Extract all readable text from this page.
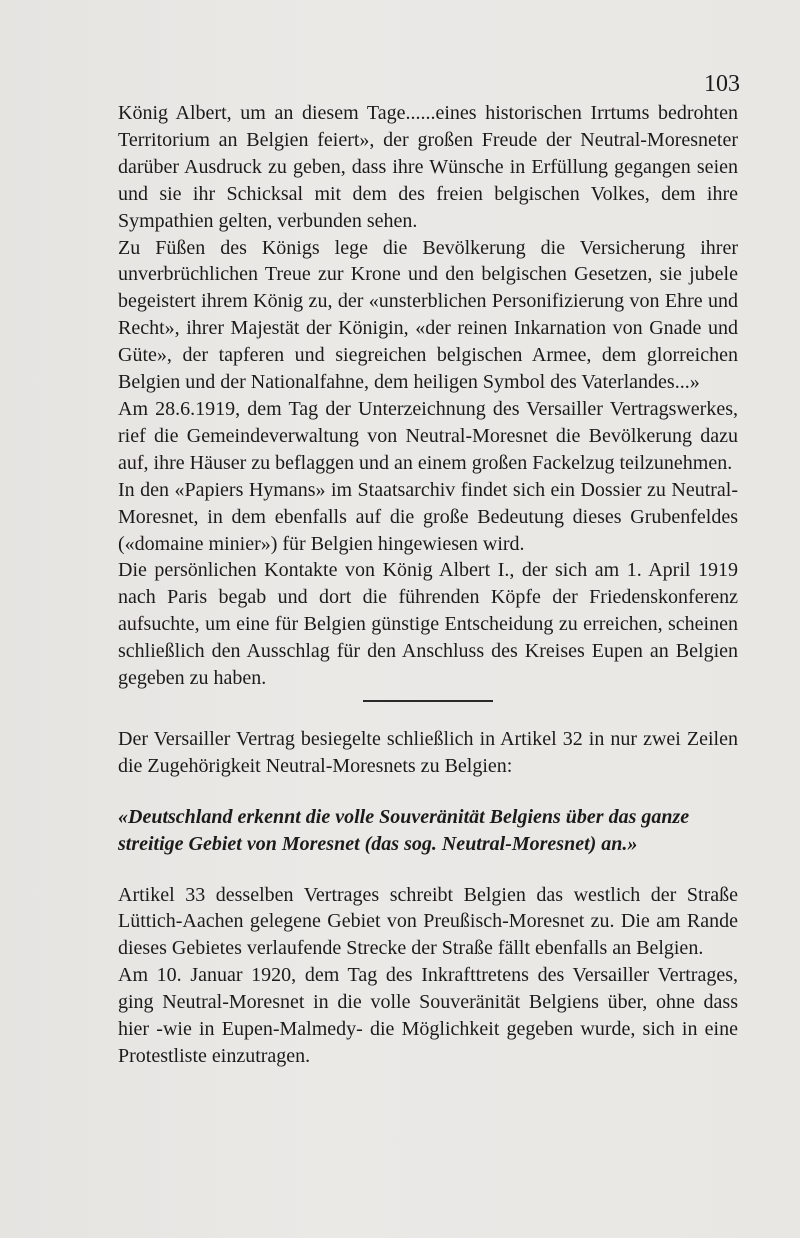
103

König Albert, um an diesem Tage......eines historischen Irrtums bedrohten Territorium an Belgien feiert», der großen Freude der Neutral-Moresneter darüber Ausdruck zu geben, dass ihre Wünsche in Erfüllung gegangen seien und sie ihr Schicksal mit dem des freien belgischen Volkes, dem ihre Sympathien gelten, verbunden sehen.

Zu Füßen des Königs lege die Bevölkerung die Versicherung ihrer unverbrüchlichen Treue zur Krone und den belgischen Gesetzen, sie jubele begeistert ihrem König zu, der «unsterblichen Personifizierung von Ehre und Recht», ihrer Majestät der Königin, «der reinen Inkarnation von Gnade und Güte», der tapferen und siegreichen belgischen Armee, dem glorreichen Belgien und der Nationalfahne, dem heiligen Symbol des Vaterlandes...»

Am 28.6.1919, dem Tag der Unterzeichnung des Versailler Vertragswerkes, rief die Gemeindeverwaltung von Neutral-Moresnet die Bevölkerung dazu auf, ihre Häuser zu beflaggen und an einem großen Fackelzug teilzunehmen.

In den «Papiers Hymans» im Staatsarchiv findet sich ein Dossier zu Neutral-Moresnet, in dem ebenfalls auf die große Bedeutung dieses Grubenfeldes («domaine minier») für Belgien hingewiesen wird.

Die persönlichen Kontakte von König Albert I., der sich am 1. April 1919 nach Paris begab und dort die führenden Köpfe der Friedenskonferenz aufsuchte, um eine für Belgien günstige Entscheidung zu erreichen, scheinen schließlich den Ausschlag für den Anschluss des Kreises Eupen an Belgien gegeben zu haben.

Der Versailler Vertrag besiegelte schließlich in Artikel 32 in nur zwei Zeilen die Zugehörigkeit Neutral-Moresnets zu Belgien:

«Deutschland erkennt die volle Souveränität Belgiens über das ganze streitige Gebiet von Moresnet (das sog. Neutral-Moresnet) an.»

Artikel 33 desselben Vertrages schreibt Belgien das westlich der Straße Lüttich-Aachen gelegene Gebiet von Preußisch-Moresnet zu. Die am Rande dieses Gebietes verlaufende Strecke der Straße fällt ebenfalls an Belgien.

Am 10. Januar 1920, dem Tag des Inkrafttretens des Versailler Vertrages, ging Neutral-Moresnet in die volle Souveränität Belgiens über, ohne dass hier -wie in Eupen-Malmedy- die Möglichkeit gegeben wurde, sich in eine Protestliste einzutragen.
